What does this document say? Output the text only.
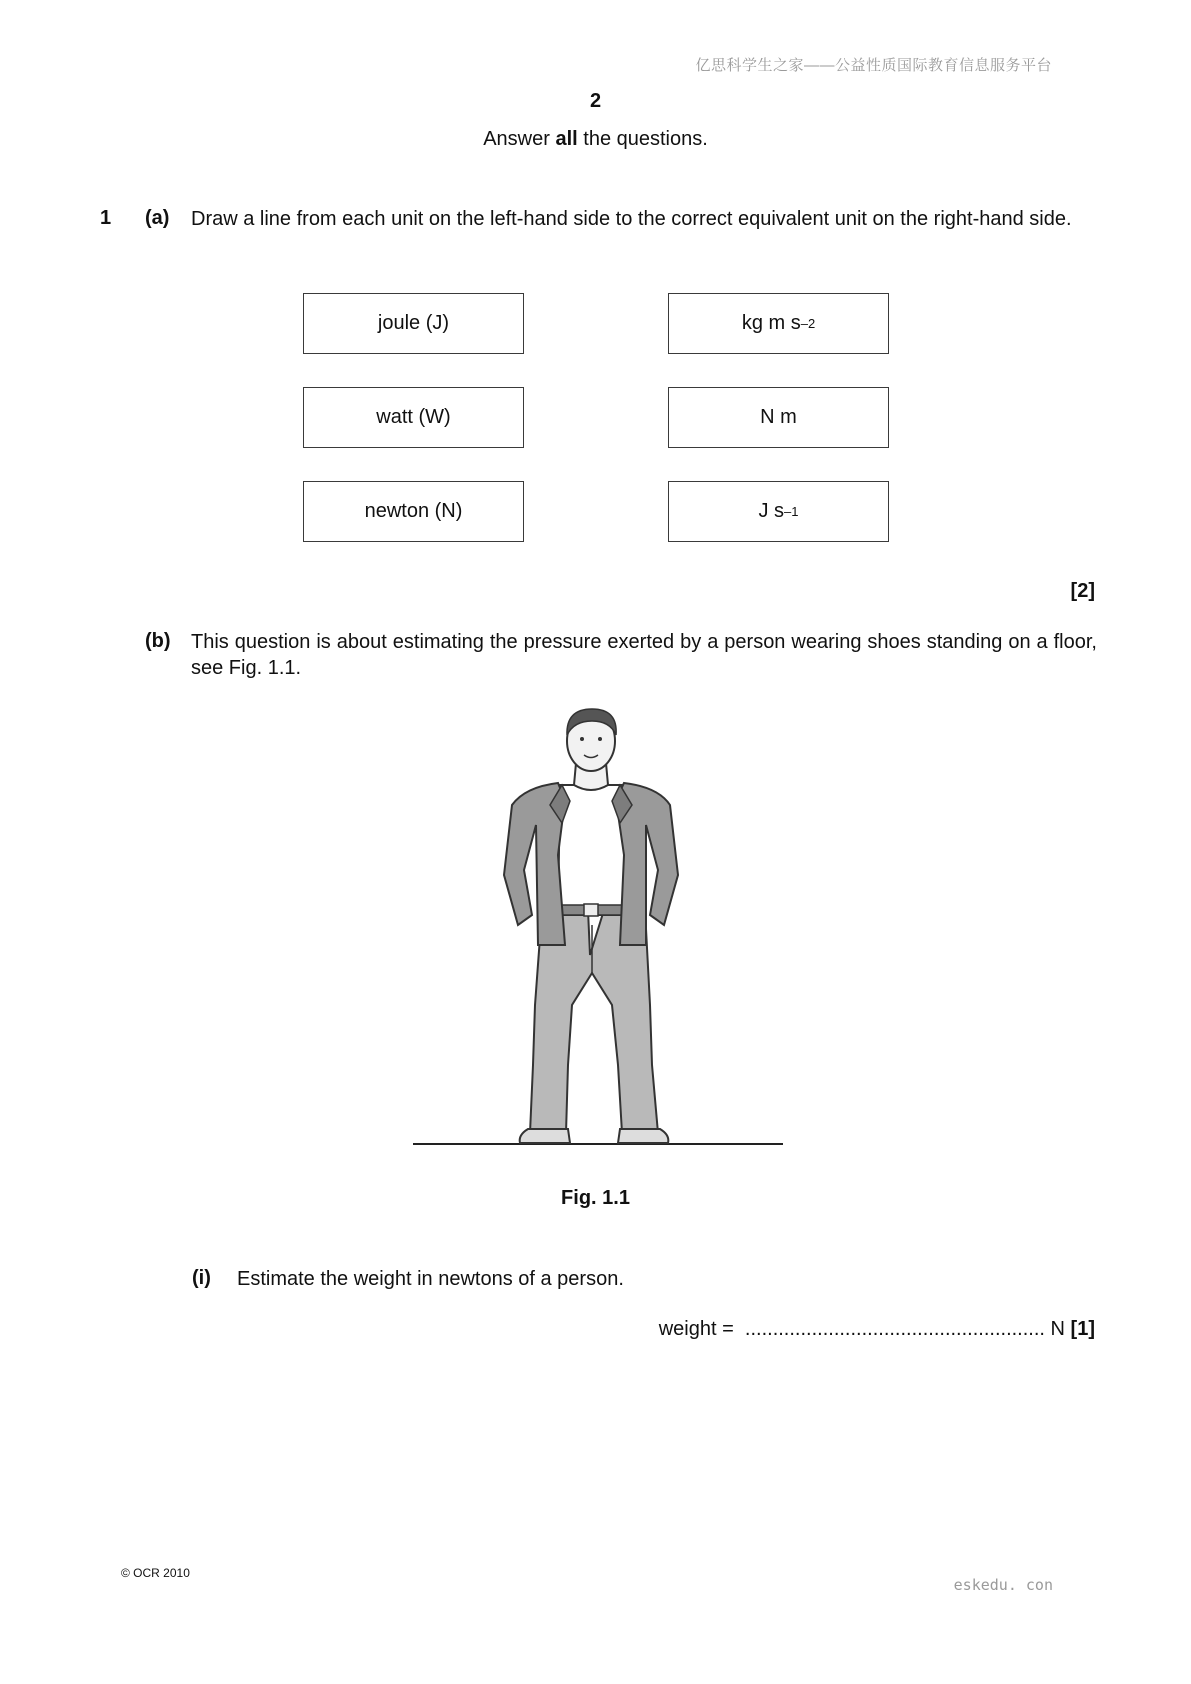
亿思科学生之家——公益性质国际教育信息服务平台
2
Answer all the questions.
1 (a) Draw a line from each unit on the left-hand side to the correct equivalent unit on the right-hand side.
joule (J)
watt (W)
newton (N)
kg m s –2
N m
J s –1
[2]
(b) This question is about estimating the pressure exerted by a person wearing shoes standing on a floor, see Fig. 1.1.
Fig. 1.1
(i) Estimate the weight in newtons of a person.
weight = ...................................................... N [1]
© OCR 2010
eskedu. con
